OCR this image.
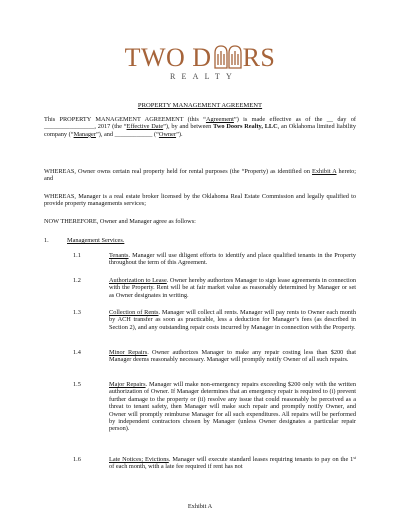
TWO D RS
REALTY
PROPERTY MANAGEMENT AGREEMENT
This PROPERTY MANAGEMENT AGREEMENT (this “Agreement”) is made effective as of the __ day of ________________, 2017 (the “Effective Date”), by and between Two Doors Realty, LLC, an Oklahoma limited liability company (“Manager”), and ____________ (“Owner”).
WHEREAS, Owner owns certain real property held for rental purposes (the “Property) as identified on Exhibit A hereto; and
WHEREAS, Manager is a real estate broker licensed by the Oklahoma Real Estate Commission and legally qualified to provide property managements services;
NOW THEREFORE, Owner and Manager agree as follows:
1.	Management Services.
1.1	Tenants. Manager will use diligent efforts to identify and place qualified tenants in the Property throughout the term of this Agreement.
1.2	Authorization to Lease. Owner hereby authorizes Manager to sign lease agreements in connection with the Property. Rent will be at fair market value as reasonably determined by Manager or set as Owner designates in writing.
1.3	Collection of Rents. Manager will collect all rents. Manager will pay rents to Owner each month by ACH transfer as soon as practicable, less a deduction for Manager’s fees (as described in Section 2), and any outstanding repair costs incurred by Manager in connection with the Property.
1.4	Minor Repairs. Owner authorizes Manager to make any repair costing less than $200 that Manager deems reasonably necessary. Manager will promptly notify Owner of all such repairs.
1.5	Major Repairs. Manager will make non-emergency repairs exceeding $200 only with the written authorization of Owner. If Manager determines that an emergency repair is required to (i) prevent further damage to the property or (ii) resolve any issue that could reasonably be perceived as a threat to tenant safety, then Manager will make such repair and promptly notify Owner, and Owner will promptly reimburse Manager for all such expenditures. All repairs will be performed by independent contractors chosen by Manager (unless Owner designates a particular repair person).
1.6	Late Notices; Evictions. Manager will execute standard leases requiring tenants to pay on the 1st of each month, with a late fee required if rent has not
Exhibit A
